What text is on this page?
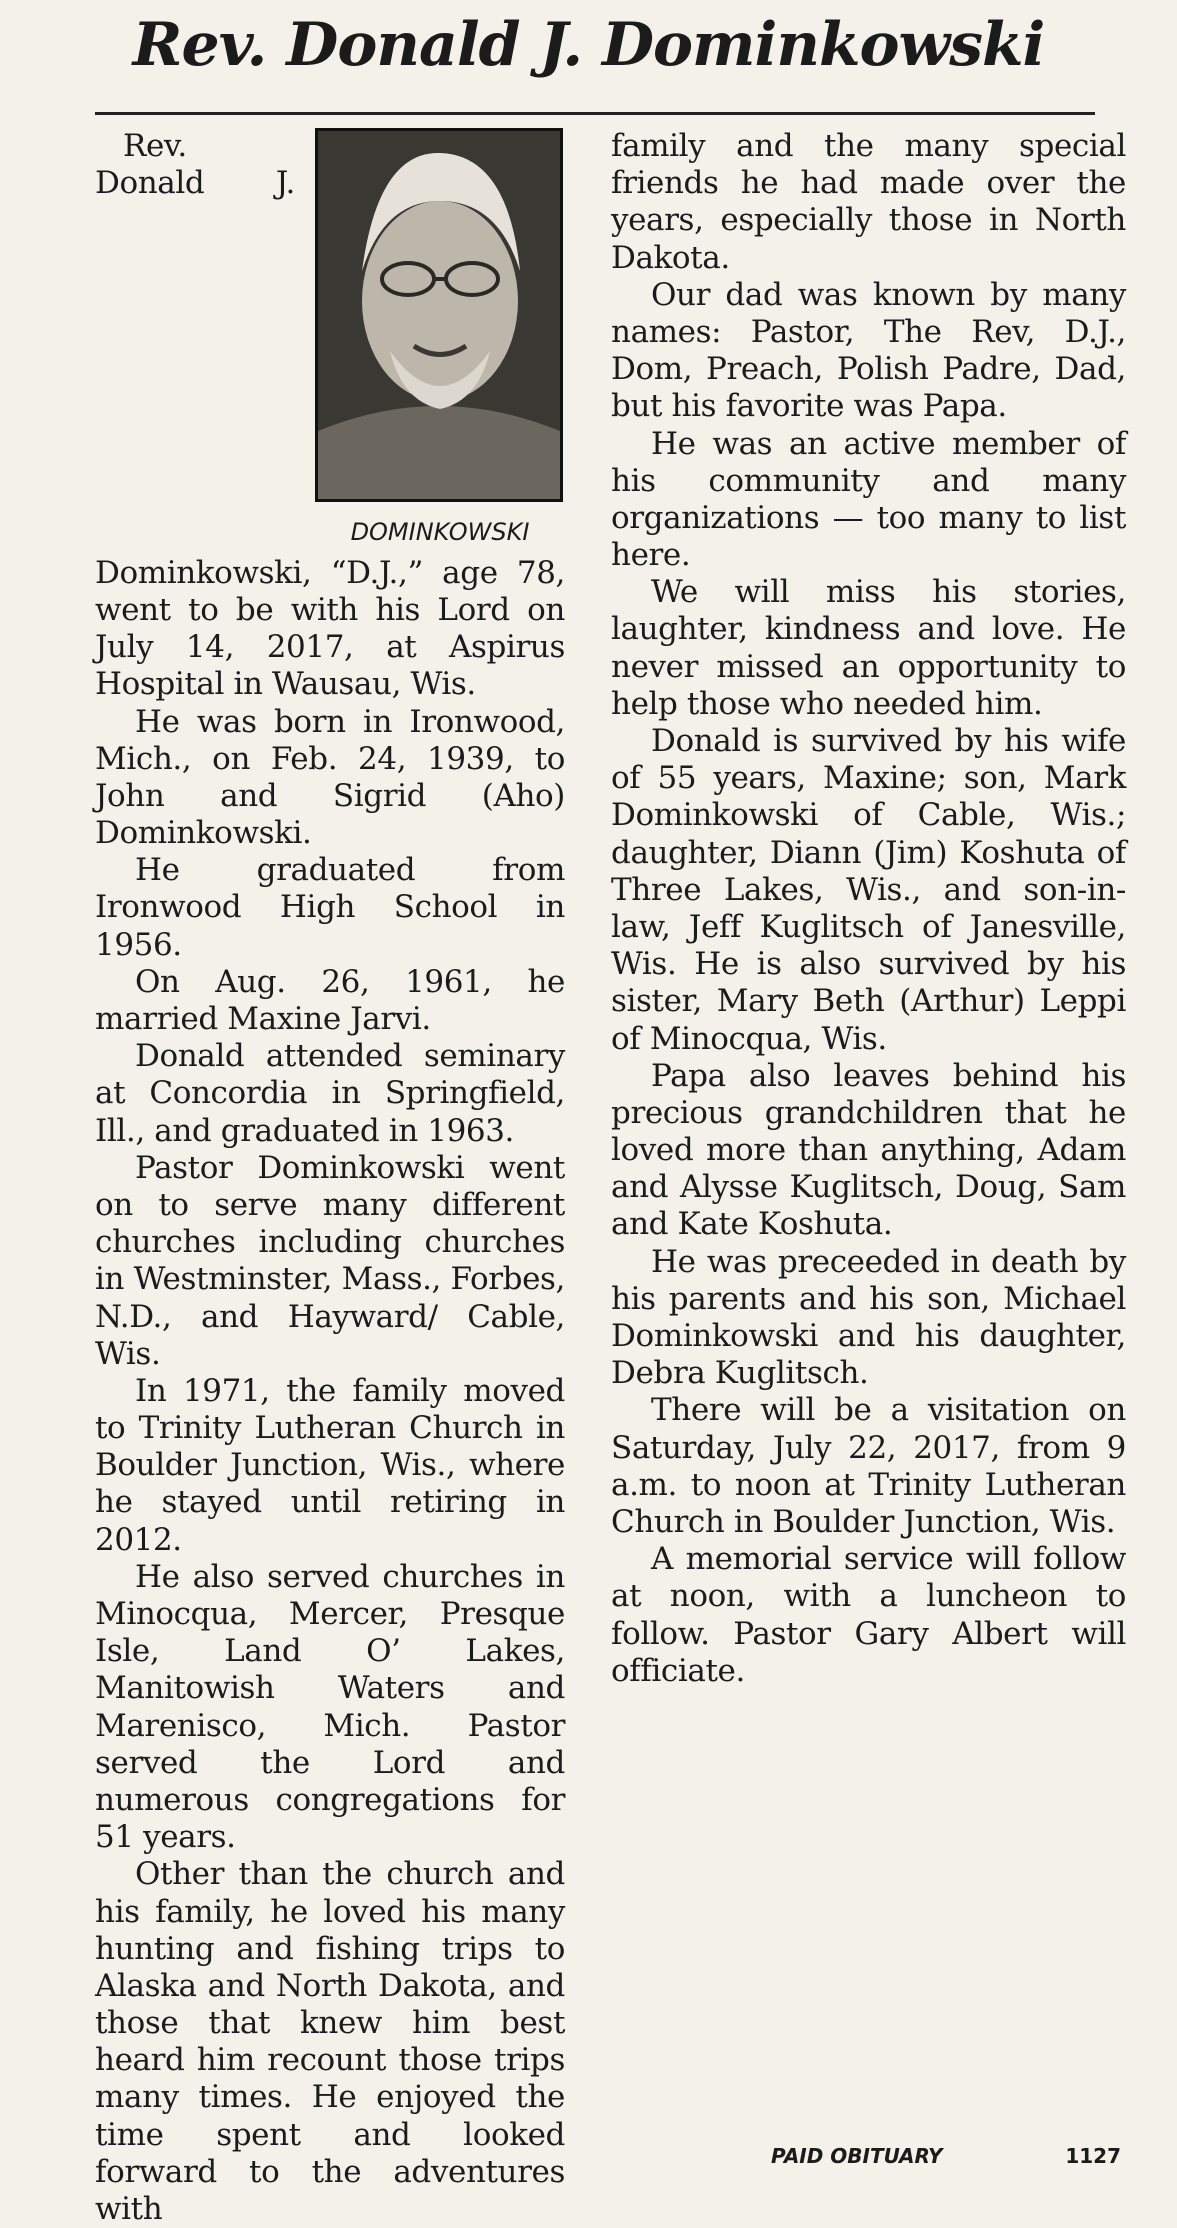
Rev. Donald J. Dominkowski
DOMINKOWSKI

Rev. Donald J. Dominkowski, “D.J.,” age 78, went to be with his Lord on July 14, 2017, at Aspirus Hospital in Wausau, Wis.

He was born in Ironwood, Mich., on Feb. 24, 1939, to John and Sigrid (Aho) Dominkowski.

He graduated from Ironwood High School in 1956.

On Aug. 26, 1961, he married Maxine Jarvi.

Donald attended seminary at Concordia in Springfield, Ill., and graduated in 1963.

Pastor Dominkowski went on to serve many different churches including churches in Westminster, Mass., Forbes, N.D., and Hayward/ Cable, Wis.

In 1971, the family moved to Trinity Lutheran Church in Boulder Junction, Wis., where he stayed until retiring in 2012.

He also served churches in Minocqua, Mercer, Presque Isle, Land O’ Lakes, Manitowish Waters and Marenisco, Mich. Pastor served the Lord and numerous congregations for 51 years.

Other than the church and his family, he loved his many hunting and fishing trips to Alaska and North Dakota, and those that knew him best heard him recount those trips many times. He enjoyed the time spent and looked forward to the adventures with

family and the many special friends he had made over the years, especially those in North Dakota.

Our dad was known by many names: Pastor, The Rev, D.J., Dom, Preach, Polish Padre, Dad, but his favorite was Papa.

He was an active member of his community and many organizations — too many to list here.

We will miss his stories, laughter, kindness and love. He never missed an opportunity to help those who needed him.

Donald is survived by his wife of 55 years, Maxine; son, Mark Dominkowski of Cable, Wis.; daughter, Diann (Jim) Koshuta of Three Lakes, Wis., and son-in-law, Jeff Kuglitsch of Janesville, Wis. He is also survived by his sister, Mary Beth (Arthur) Leppi of Minocqua, Wis.

Papa also leaves behind his precious grandchildren that he loved more than anything, Adam and Alysse Kuglitsch, Doug, Sam and Kate Koshuta.

He was preceeded in death by his parents and his son, Michael Dominkowski and his daughter, Debra Kuglitsch.

There will be a visitation on Saturday, July 22, 2017, from 9 a.m. to noon at Trinity Lutheran Church in Boulder Junction, Wis.

A memorial service will follow at noon, with a luncheon to follow. Pastor Gary Albert will officiate.

PAID OBITUARY	1127
